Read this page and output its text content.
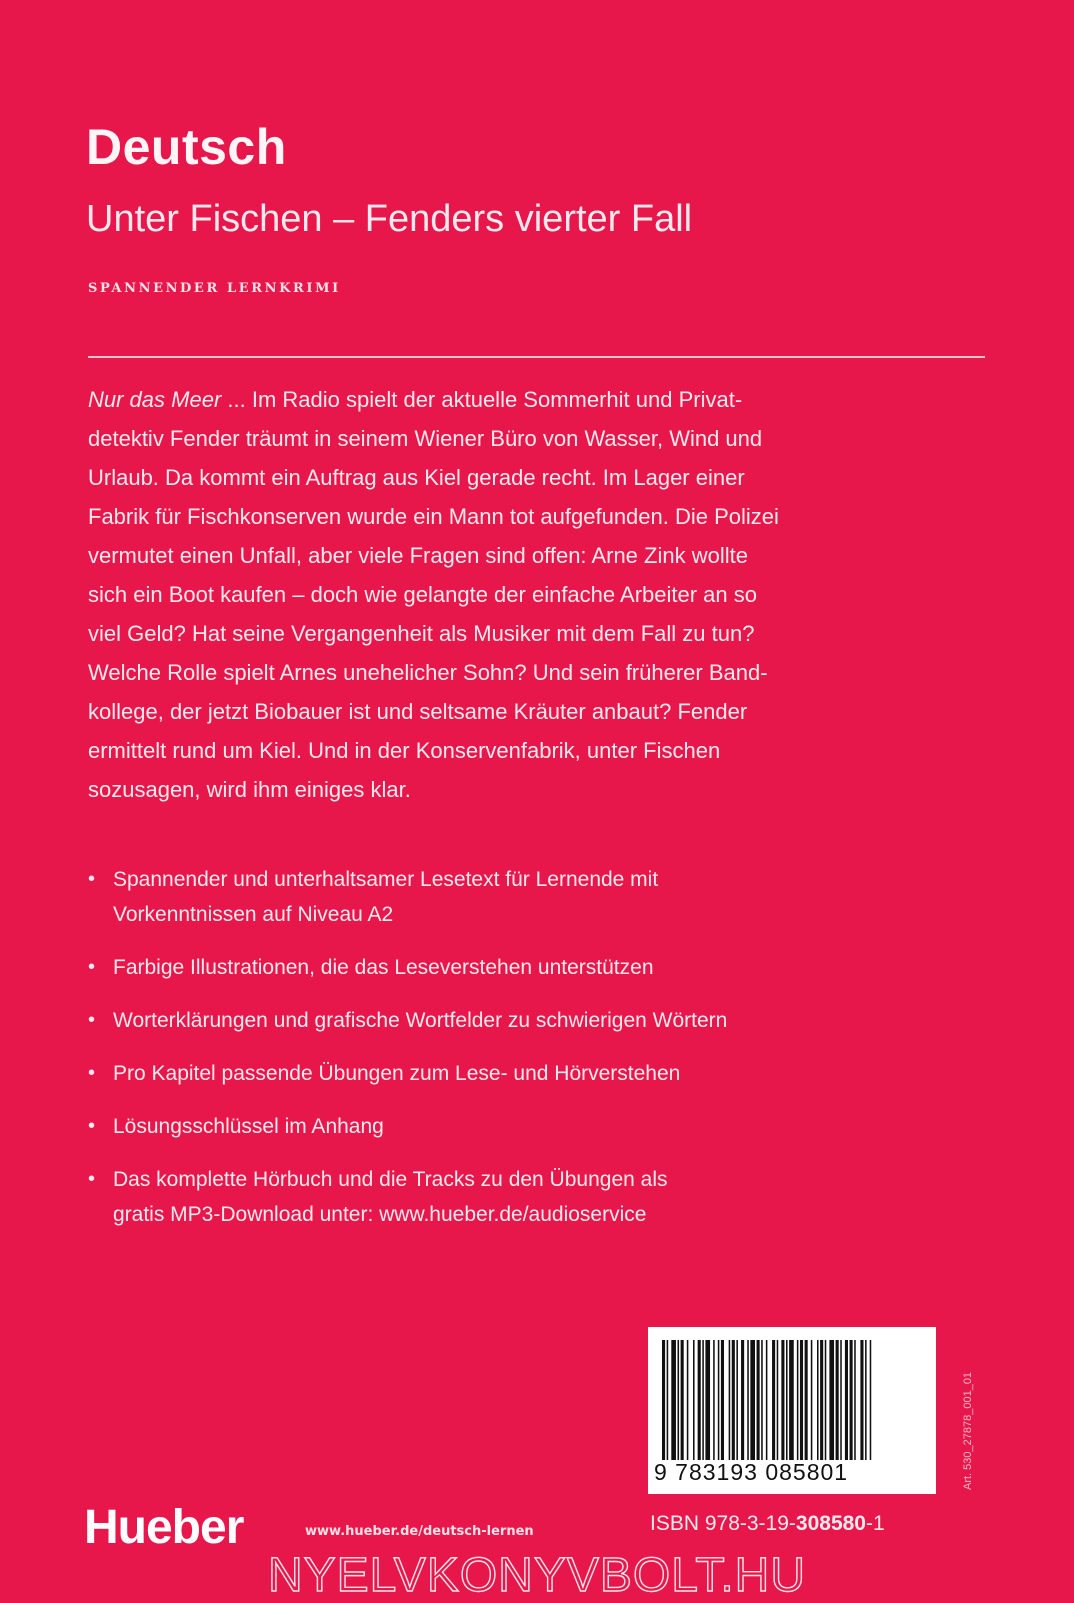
Deutsch
Unter Fischen – Fenders vierter Fall
SPANNENDER LERNKRIMI

Nur das Meer ... Im Radio spielt der aktuelle Sommerhit und Privat-
detektiv Fender träumt in seinem Wiener Büro von Wasser, Wind und
Urlaub. Da kommt ein Auftrag aus Kiel gerade recht. Im Lager einer
Fabrik für Fischkonserven wurde ein Mann tot aufgefunden. Die Polizei
vermutet einen Unfall, aber viele Fragen sind offen: Arne Zink wollte
sich ein Boot kaufen – doch wie gelangte der einfache Arbeiter an so
viel Geld? Hat seine Vergangenheit als Musiker mit dem Fall zu tun?
Welche Rolle spielt Arnes unehelicher Sohn? Und sein früherer Band-
kollege, der jetzt Biobauer ist und seltsame Kräuter anbaut? Fender
ermittelt rund um Kiel. Und in der Konservenfabrik, unter Fischen
sozusagen, wird ihm einiges klar.

• Spannender und unterhaltsamer Lesetext für Lernende mit
Vorkenntnissen auf Niveau A2
• Farbige Illustrationen, die das Leseverstehen unterstützen
• Worterklärungen und grafische Wortfelder zu schwierigen Wörtern
• Pro Kapitel passende Übungen zum Lese- und Hörverstehen
• Lösungsschlüssel im Anhang
• Das komplette Hörbuch und die Tracks zu den Übungen als
gratis MP3-Download unter: www.hueber.de/audioservice
9 783193 085801	Art. 530_27878_001_01
Hueber	www.hueber.de/deutsch-lernen	ISBN 978-3-19-308580-1
NYELVKONYVBOLT.HU
